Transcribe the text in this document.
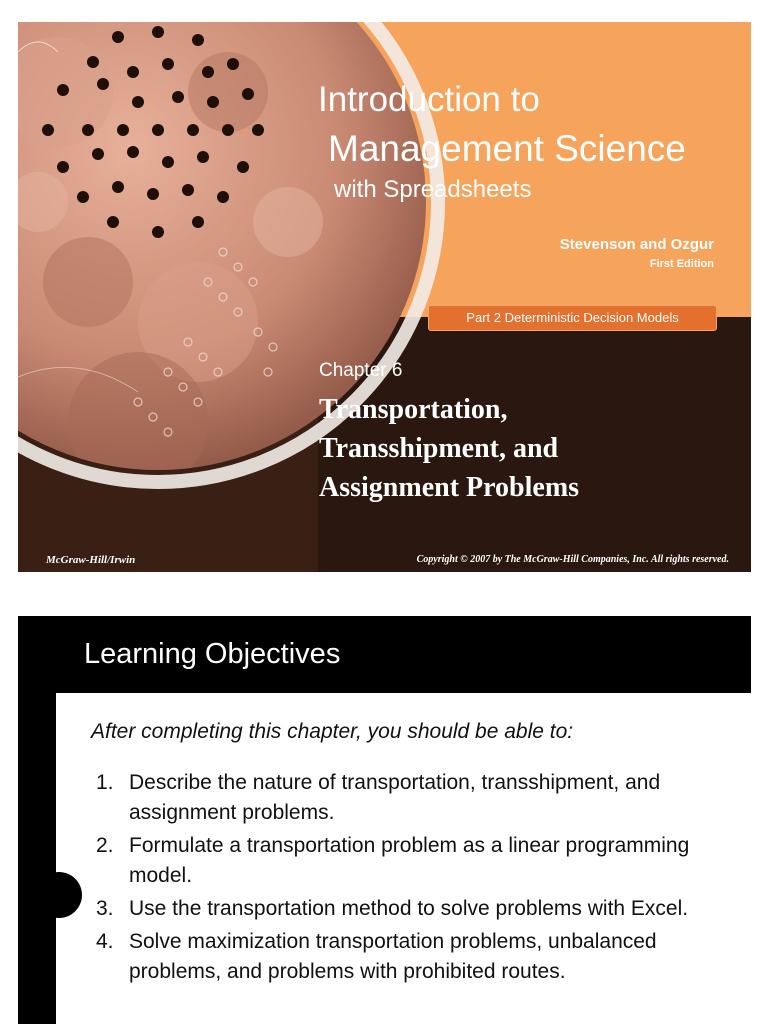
Introduction to
Management Science
with Spreadsheets
Stevenson and Ozgur
First Edition
Part 2 Deterministic Decision Models
Chapter 6
Transportation,
Transshipment, and
Assignment Problems
McGraw-Hill/Irwin	Copyright © 2007 by The McGraw-Hill Companies, Inc. All rights reserved.
Learning Objectives
After completing this chapter, you should be able to:
1. Describe the nature of transportation, transshipment, and assignment problems.
2. Formulate a transportation problem as a linear programming model.
3. Use the transportation method to solve problems with Excel.
4. Solve maximization transportation problems, unbalanced problems, and problems with prohibited routes.
